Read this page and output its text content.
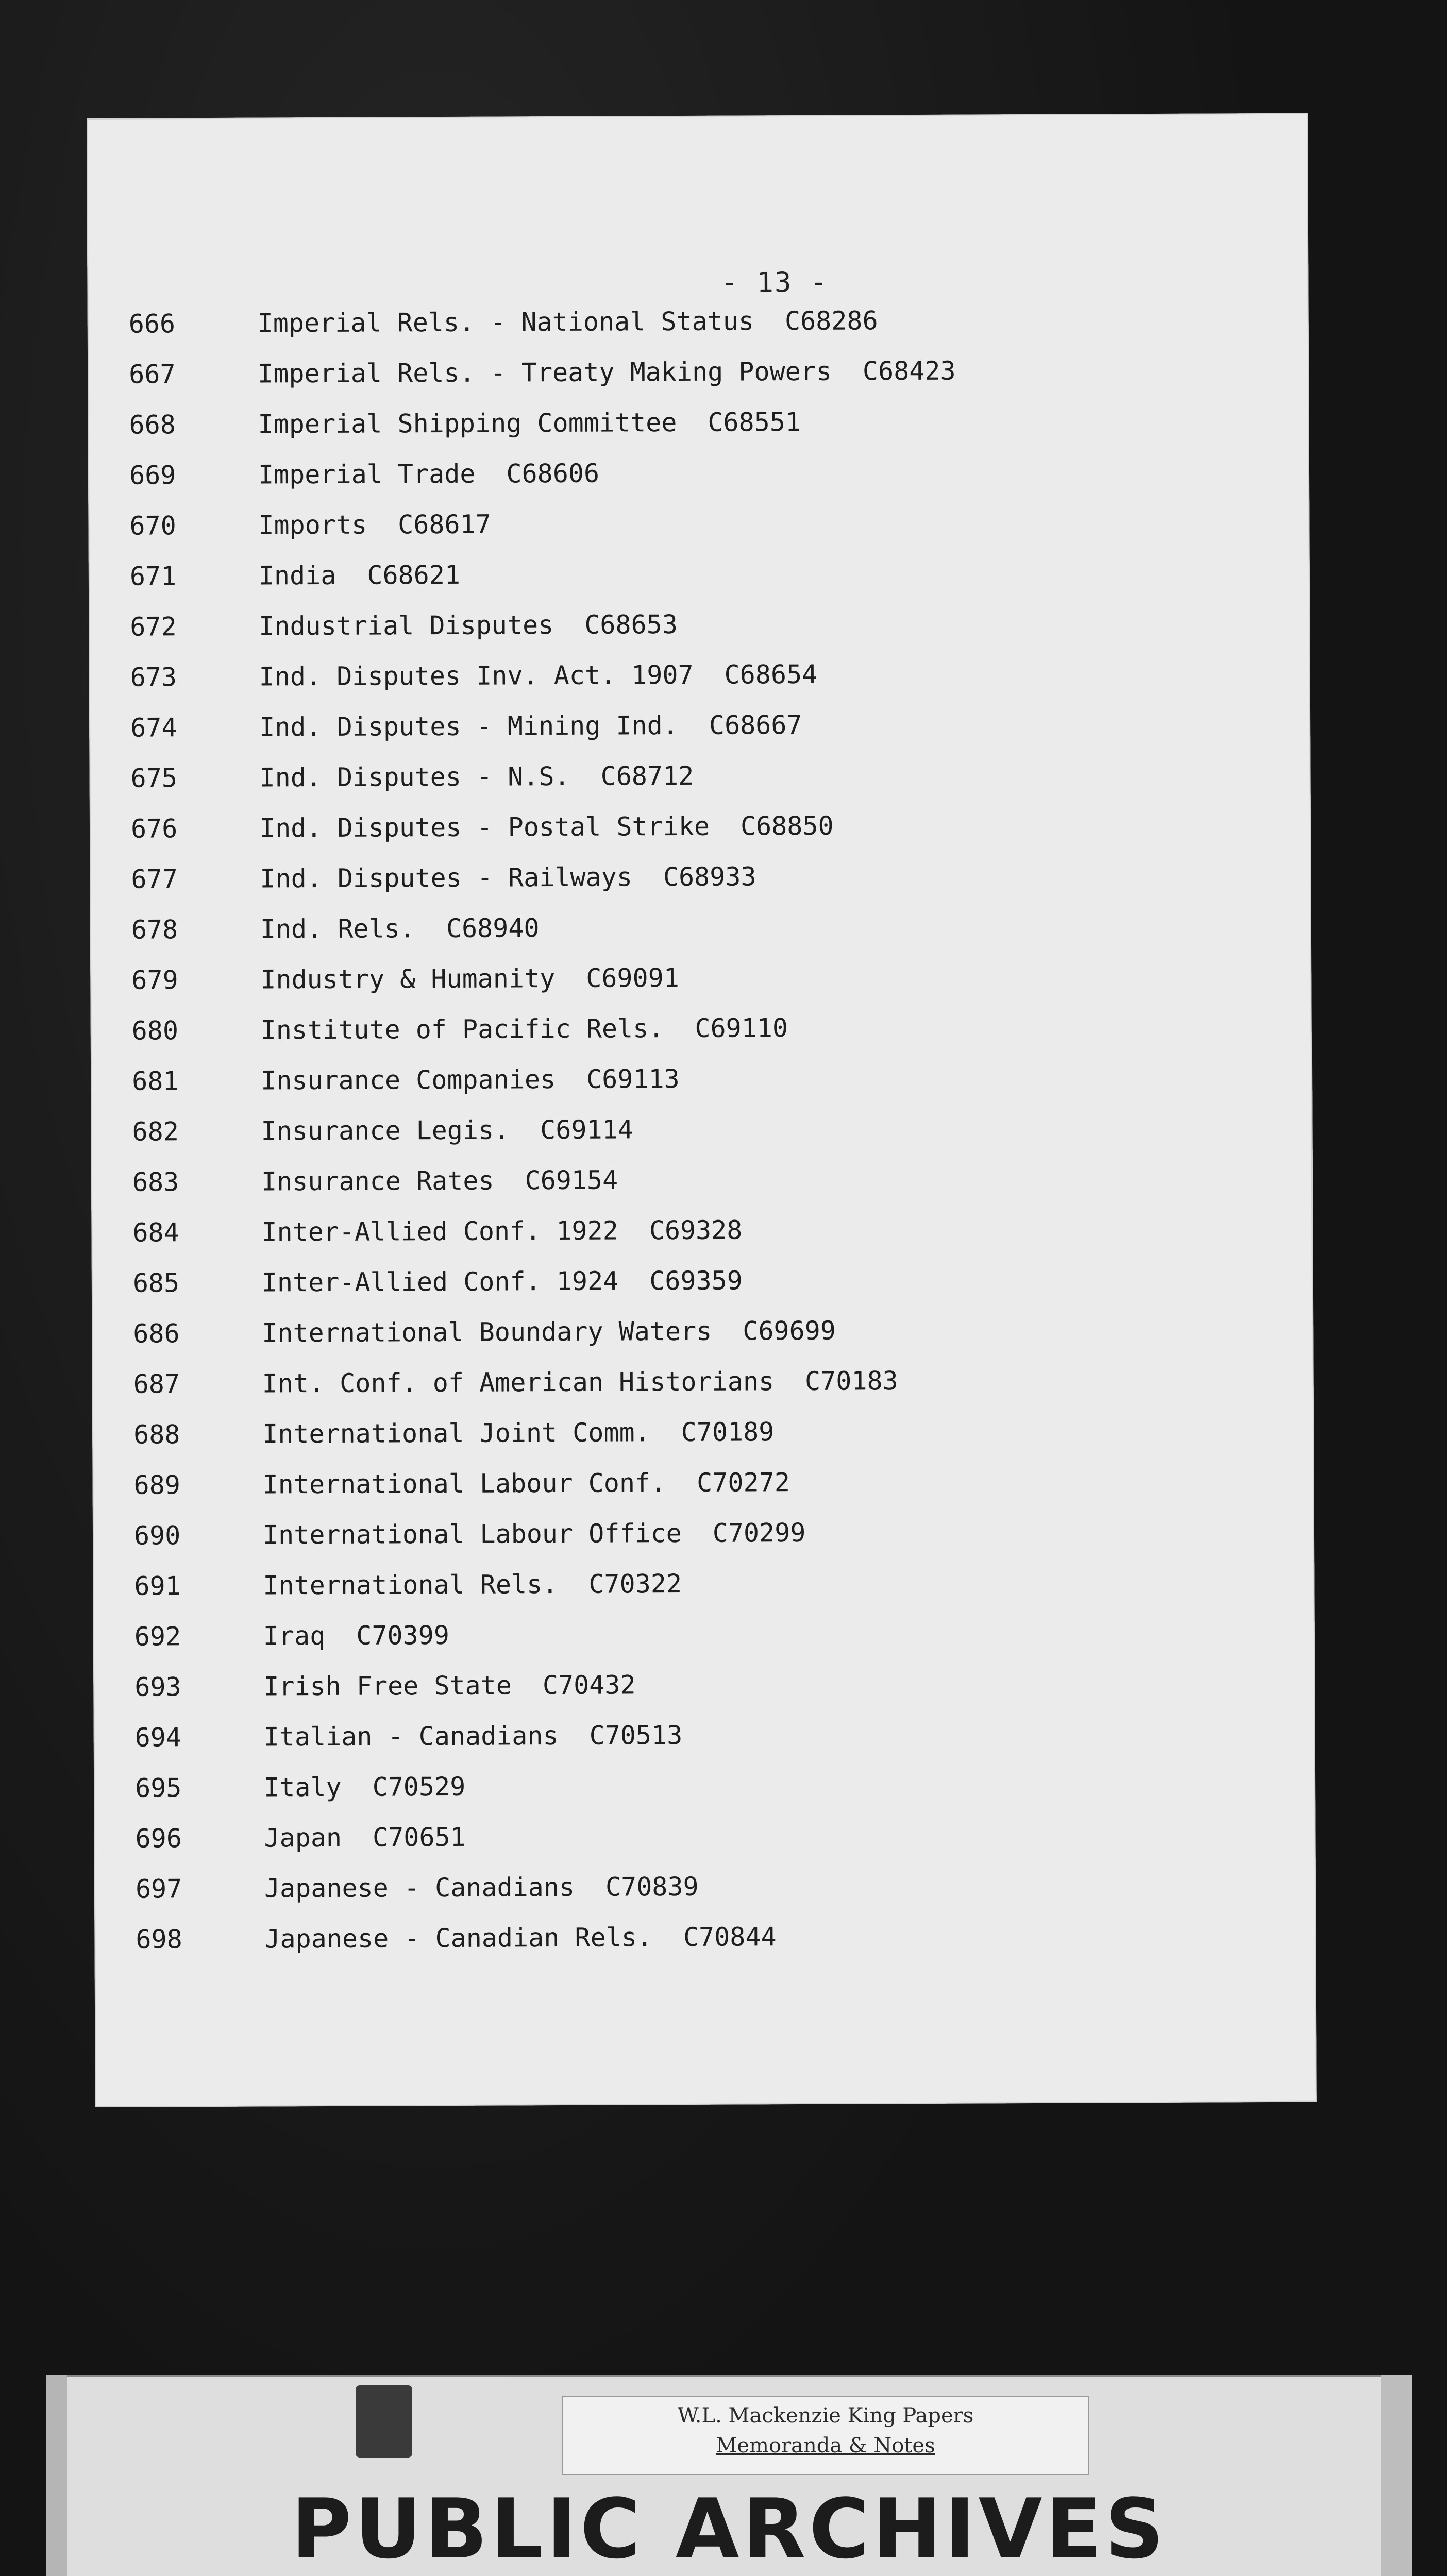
- 13 -
666	Imperial Rels. - National Status C68286
667	Imperial Rels. - Treaty Making Powers C68423
668	Imperial Shipping Committee C68551
669	Imperial Trade C68606
670	Imports C68617
671	India C68621
672	Industrial Disputes C68653
673	Ind. Disputes Inv. Act. 1907 C68654
674	Ind. Disputes - Mining Ind. C68667
675	Ind. Disputes - N.S. C68712
676	Ind. Disputes - Postal Strike C68850
677	Ind. Disputes - Railways C68933
678	Ind. Rels. C68940
679	Industry & Humanity C69091
680	Institute of Pacific Rels. C69110
681	Insurance Companies C69113
682	Insurance Legis. C69114
683	Insurance Rates C69154
684	Inter-Allied Conf. 1922 C69328
685	Inter-Allied Conf. 1924 C69359
686	International Boundary Waters C69699
687	Int. Conf. of American Historians C70183
688	International Joint Comm. C70189
689	International Labour Conf. C70272
690	International Labour Office C70299
691	International Rels. C70322
692	Iraq C70399
693	Irish Free State C70432
694	Italian - Canadians C70513
695	Italy C70529
696	Japan C70651
697	Japanese - Canadians C70839
698	Japanese - Canadian Rels. C70844
W.L. Mackenzie King Papers
Memoranda & Notes
PUBLIC ARCHIVES
